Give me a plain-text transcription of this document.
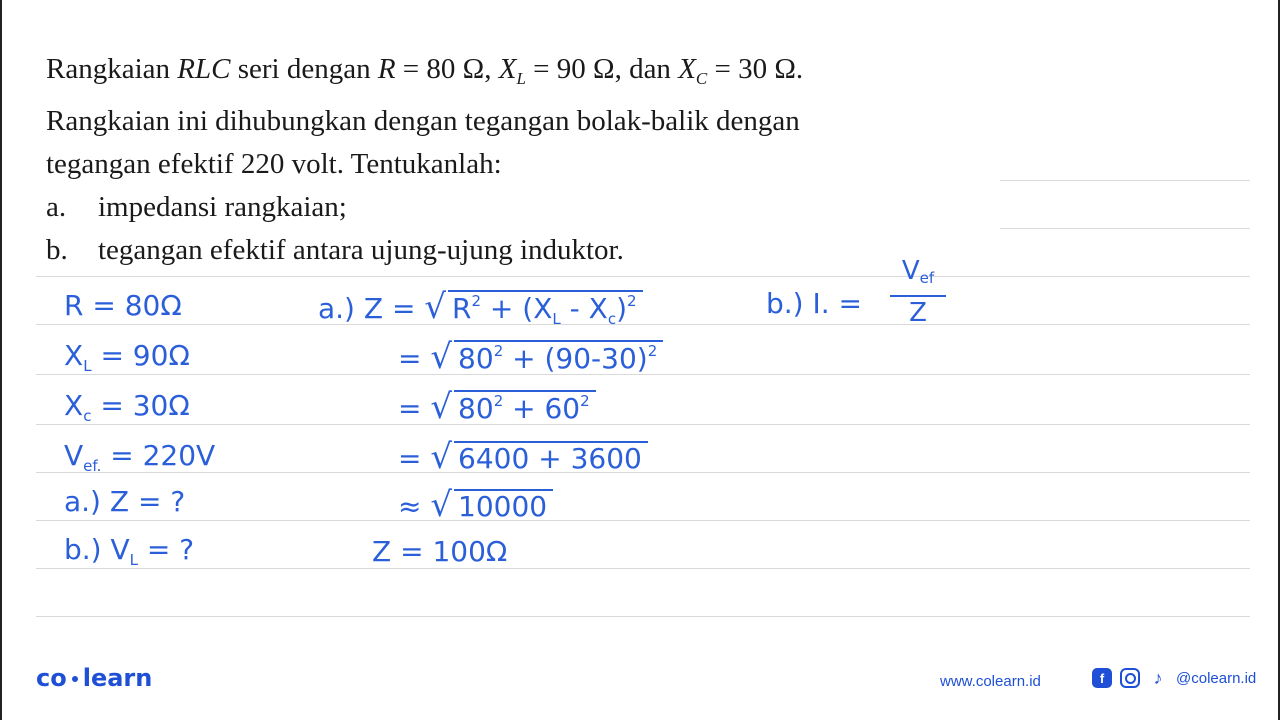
Rangkaian RLC seri dengan R = 80 Ω, $X_L = 90$ Ω, dan $X_C = 30$ Ω.
Rangkaian ini dihubungkan dengan tegangan bolak-balik dengan
tegangan efektif 220 volt. Tentukanlah:
a.	impedansi rangkaian;
b.	tegangan efektif antara ujung-ujung induktor.
R = 80Ω
$X_L = 90\Omega$
$X_c = 30\Omega$
$V_{ef.} = 220V$
a.) Z = ?
b.) $V_L$ = ?
a.) Z = √ $R^2 + (X_L - X_c)^2$
= √ $80^2 + (90-30)^2$
= √ $80^2 + 60^2$
= √ 6400 + 3600
≈ √ 10000
Z = 100Ω
b.) I. =
$V_{ef}$
Z
co learn	www.colearn.id	f	♪ @colearn.id
